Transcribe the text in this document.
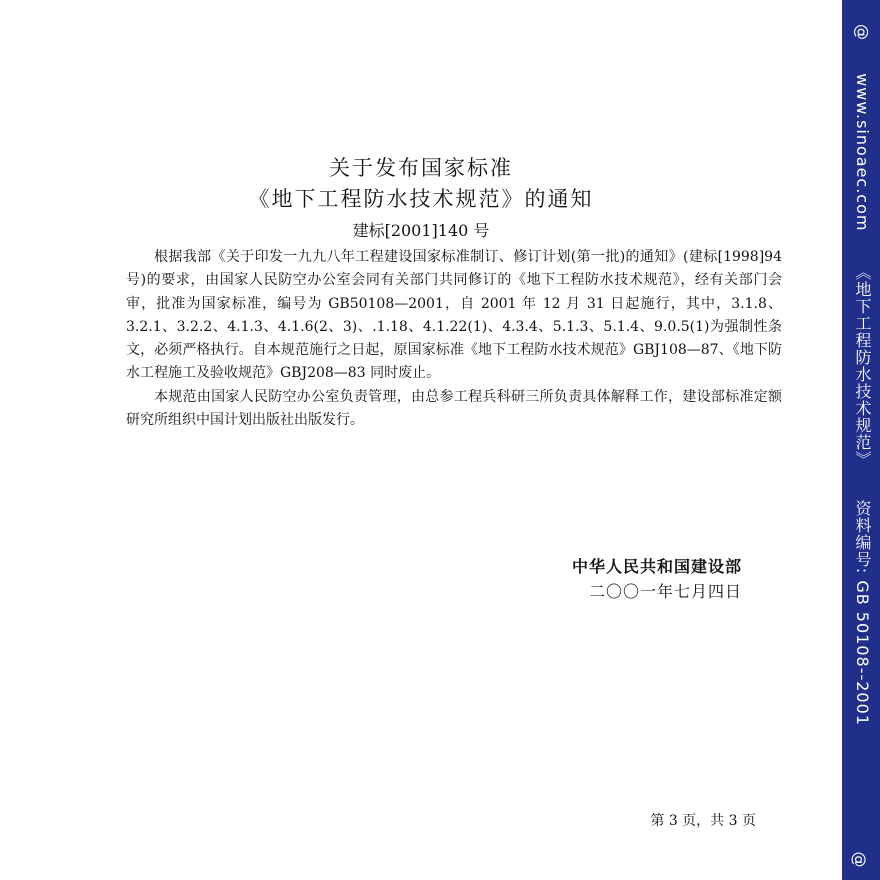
关于发布国家标准
《地下工程防水技术规范》的通知
建标[2001]140 号

根据我部《关于印发一九九八年工程建设国家标准制订、修订计划(第一批)的通知》(建标[1998]94 号)的要求，由国家人民防空办公室会同有关部门共同修订的《地下工程防水技术规范》，经有关部门会审，批准为国家标准，编号为 GB50108—2001，自 2001 年 12 月 31 日起施行，其中，3.1.8、3.2.1、3.2.2、4.1.3、4.1.6(2、3)、.1.18、4.1.22(1)、4.3.4、5.1.3、5.1.4、9.0.5(1)为强制性条文，必须严格执行。自本规范施行之日起，原国家标准《地下工程防水技术规范》GBJ108—87、《地下防水工程施工及验收规范》GBJ208—83 同时废止。

本规范由国家人民防空办公室负责管理，由总参工程兵科研三所负责具体解释工作，建设部标准定额研究所组织中国计划出版社出版发行。

中华人民共和国建设部
二〇〇一年七月四日
第 3 页，共 3 页
@  www.sinoaec.com  《地下工程防水技术规范》  资料编号: GB 50108--2001
@
